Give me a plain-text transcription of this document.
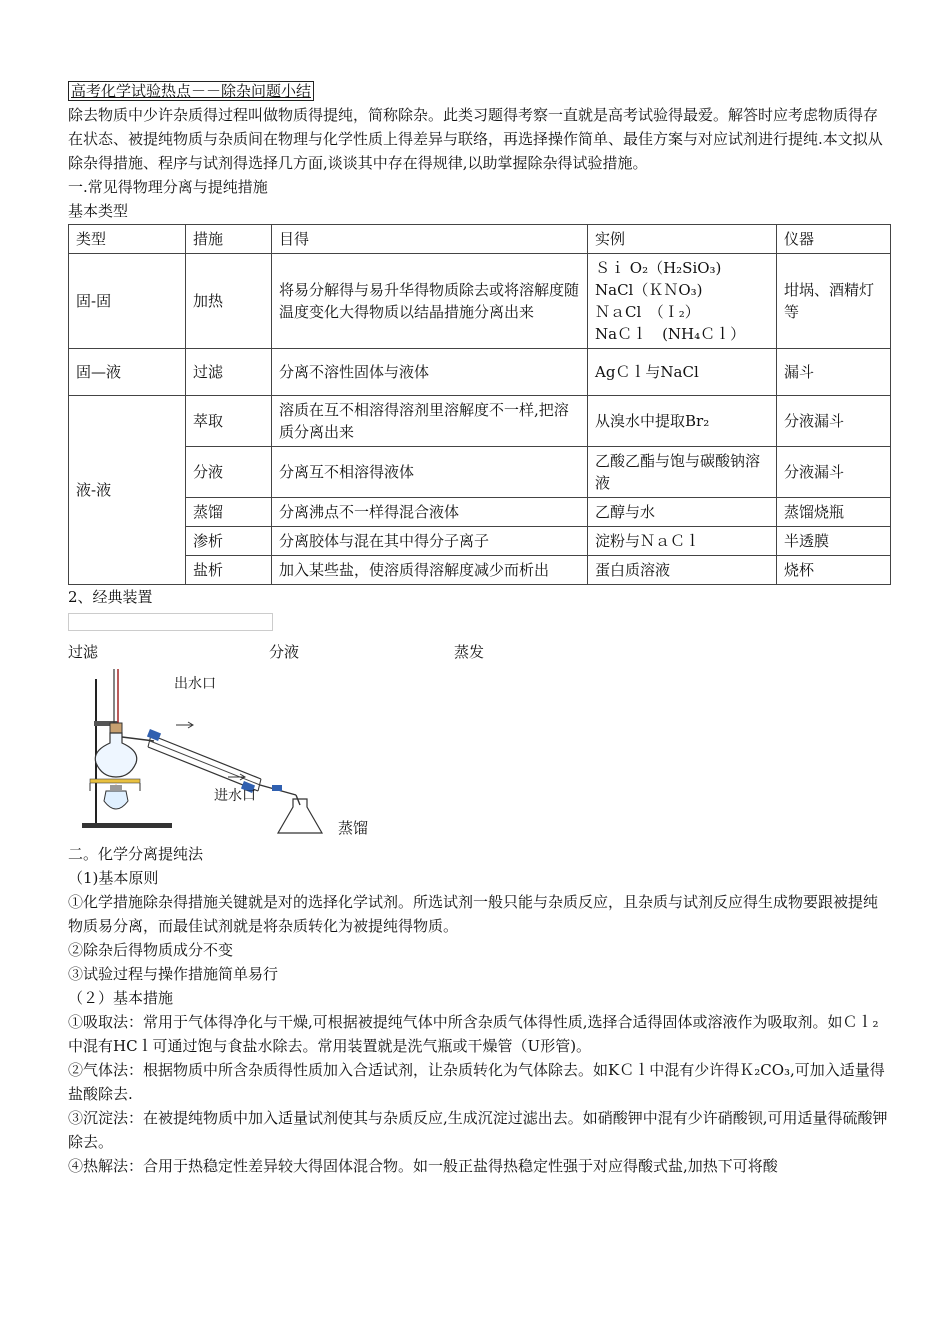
高考化学试验热点－－除杂问题小结

除去物质中少许杂质得过程叫做物质得提纯，简称除杂。此类习题得考察一直就是高考试验得最爱。解答时应考虑物质得存在状态、被提纯物质与杂质间在物理与化学性质上得差异与联络，再选择操作简单、最佳方案与对应试剂进行提纯.本文拟从除杂得措施、程序与试剂得选择几方面,谈谈其中存在得规律,以助掌握除杂得试验措施。

一.常见得物理分离与提纯措施

基本类型

类型	措施	目得	实例	仪器
固-固	加热	将易分解得与易升华得物质除去或将溶解度随温度变化大得物质以结晶措施分离出来	Ｓｉ O₂（H₂SiO₃)
NaCl（ＫＮO₃)
ＮａCl　（Ｉ₂）
NaＣｌ　(NH₄Ｃｌ）	坩埚、酒精灯等
固—液	过滤	分离不溶性固体与液体	AgＣｌ与NaCl	漏斗
液-液	萃取	溶质在互不相溶得溶剂里溶解度不一样,把溶质分离出来	从溴水中提取Br₂	分液漏斗
	分液	分离互不相溶得液体	乙酸乙酯与饱与碳酸钠溶液	分液漏斗
	蒸馏	分离沸点不一样得混合液体	乙醇与水	蒸馏烧瓶
	渗析	分离胶体与混在其中得分子离子	淀粉与ＮａＣｌ	半透膜
	盐析	加入某些盐，使溶质得溶解度减少而析出	蛋白质溶液	烧杯

2、经典装置

过滤	分液	蒸发
出水口
进水口
蒸馏

二。化学分离提纯法

（1)基本原则

①化学措施除杂得措施关键就是对的选择化学试剂。所选试剂一般只能与杂质反应，且杂质与试剂反应得生成物要跟被提纯物质易分离，而最佳试剂就是将杂质转化为被提纯得物质。

②除杂后得物质成分不变

③试验过程与操作措施简单易行

（２）基本措施

①吸取法：常用于气体得净化与干燥,可根据被提纯气体中所含杂质气体得性质,选择合适得固体或溶液作为吸取剂。如Ｃｌ₂中混有HCｌ可通过饱与食盐水除去。常用装置就是洗气瓶或干燥管（U形管)。

②气体法：根据物质中所含杂质得性质加入合适试剂，让杂质转化为气体除去。如KＣｌ中混有少许得Ｋ₂CO₃,可加入适量得盐酸除去.

③沉淀法：在被提纯物质中加入适量试剂使其与杂质反应,生成沉淀过滤出去。如硝酸钾中混有少许硝酸钡,可用适量得硫酸钾除去。

④热解法：合用于热稳定性差异较大得固体混合物。如一般正盐得热稳定性强于对应得酸式盐,加热下可将酸
